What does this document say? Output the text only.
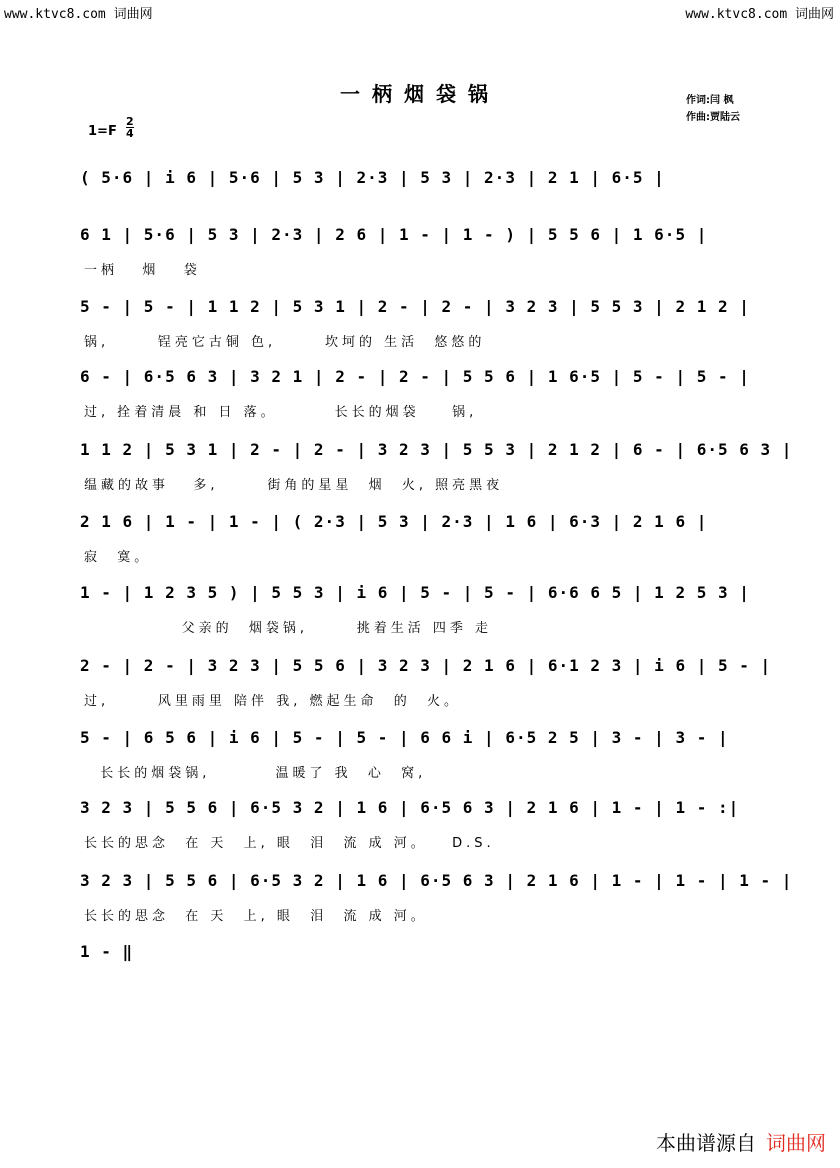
www.ktvc8.com 词曲网	www.ktvc8.com 词曲网
一柄烟袋锅	作词:闫 枫
作曲:贾陆云
1=F
2
4
( 5·6 | i 6 | 5·6 | 5 3 | 2·3 | 5 3 | 2·3 | 2 1 | 6·5 |
6 1 | 5·6 | 5 3 | 2·3 | 2 6 | 1 - | 1 - ) | 5 5 6 | 1 6·5 |
一柄   烟   袋
5 - | 5 - | 1 1 2 | 5 3 1 | 2 - | 2 - | 3 2 3 | 5 5 3 | 2 1 2 |
锅,      锃亮它古铜 色,      坎坷的 生活  悠悠的
6 - | 6·5 6 3 | 3 2 1 | 2 - | 2 - | 5 5 6 | 1 6·5 | 5 - | 5 - |
过, 拴着清晨 和 日 落。       长长的烟袋    锅,
1 1 2 | 5 3 1 | 2 - | 2 - | 3 2 3 | 5 5 3 | 2 1 2 | 6 - | 6·5 6 3 |
缊藏的故事   多,      街角的星星  烟  火, 照亮黑夜
2 1 6 | 1 - | 1 - | ( 2·3 | 5 3 | 2·3 | 1 6 | 6·3 | 2 1 6 |
寂  寞。
1 - | 1 2 3 5 ) | 5 5 3 | i 6 | 5 - | 5 - | 6·6 6 5 | 1 2 5 3 |
父亲的  烟袋锅,      挑着生活 四季 走
2 - | 2 - | 3 2 3 | 5 5 6 | 3 2 3 | 2 1 6 | 6·1 2 3 | i 6 | 5 - |
过,      风里雨里 陪伴 我, 燃起生命  的  火。
5 - | 6 5 6 | i 6 | 5 - | 5 - | 6 6 i | 6·5 2 5 | 3 - | 3 - |
长长的烟袋锅,        温暖了 我  心  窝,
3 2 3 | 5 5 6 | 6·5 3 2 | 1 6 | 6·5 6 3 | 2 1 6 | 1 - | 1 - :|
长长的思念  在 天  上, 眼  泪  流 成 河。   D.S.
3 2 3 | 5 5 6 | 6·5 3 2 | 1 6 | 6·5 6 3 | 2 1 6 | 1 - | 1 - | 1 - |
长长的思念  在 天  上, 眼  泪  流 成 河。
1 - ‖
本曲谱源自 词曲网
